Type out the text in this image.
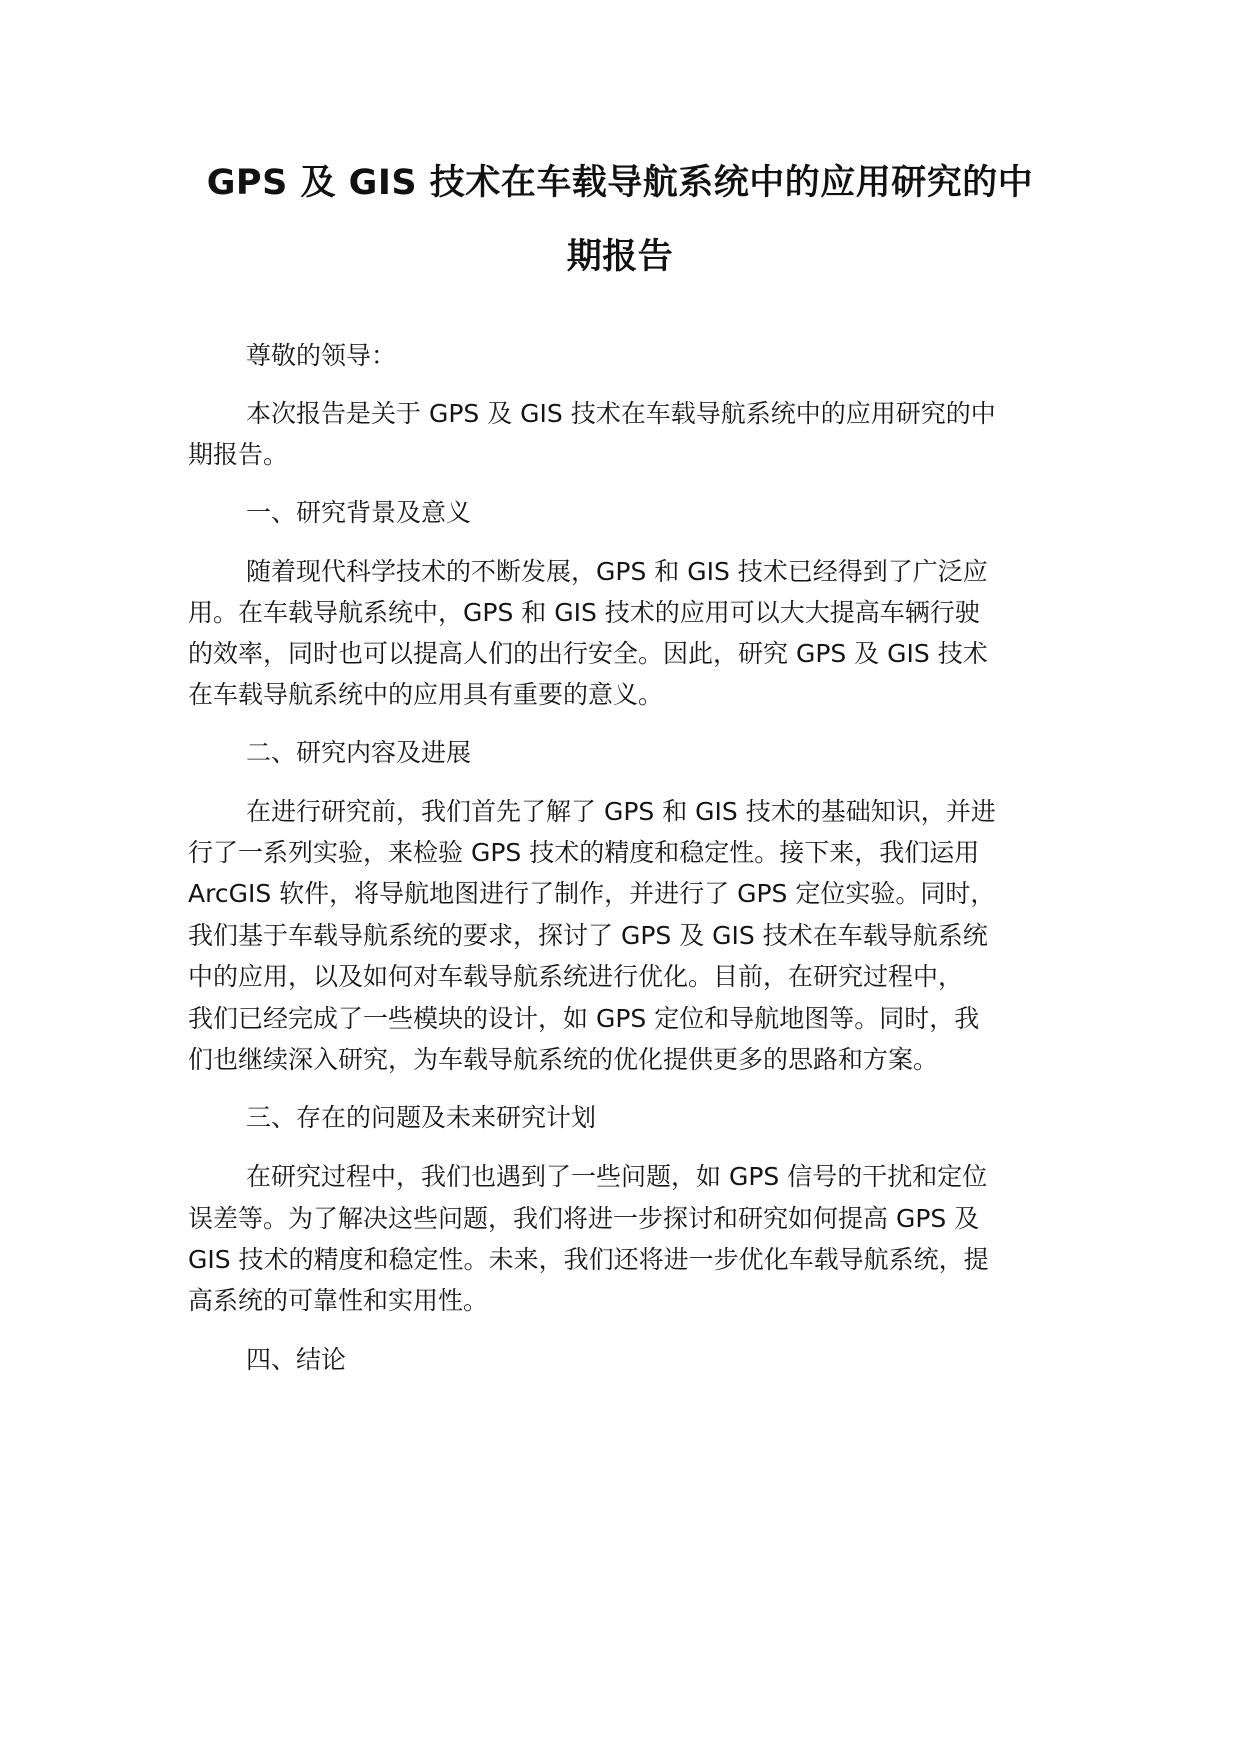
GPS 及 GIS 技术在车载导航系统中的应用研究的中
期报告
尊敬的领导：
本次报告是关于 GPS 及 GIS 技术在车载导航系统中的应用研究的中
期报告。
一、研究背景及意义
随着现代科学技术的不断发展，GPS 和 GIS 技术已经得到了广泛应
用。在车载导航系统中，GPS 和 GIS 技术的应用可以大大提高车辆行驶
的效率，同时也可以提高人们的出行安全。因此，研究 GPS 及 GIS 技术
在车载导航系统中的应用具有重要的意义。
二、研究内容及进展
在进行研究前，我们首先了解了 GPS 和 GIS 技术的基础知识，并进
行了一系列实验，来检验 GPS 技术的精度和稳定性。接下来，我们运用
ArcGIS 软件，将导航地图进行了制作，并进行了 GPS 定位实验。同时，
我们基于车载导航系统的要求，探讨了 GPS 及 GIS 技术在车载导航系统
中的应用，以及如何对车载导航系统进行优化。目前，在研究过程中，
我们已经完成了一些模块的设计，如 GPS 定位和导航地图等。同时，我
们也继续深入研究，为车载导航系统的优化提供更多的思路和方案。
三、存在的问题及未来研究计划
在研究过程中，我们也遇到了一些问题，如 GPS 信号的干扰和定位
误差等。为了解决这些问题，我们将进一步探讨和研究如何提高 GPS 及
GIS 技术的精度和稳定性。未来，我们还将进一步优化车载导航系统，提
高系统的可靠性和实用性。
四、结论
